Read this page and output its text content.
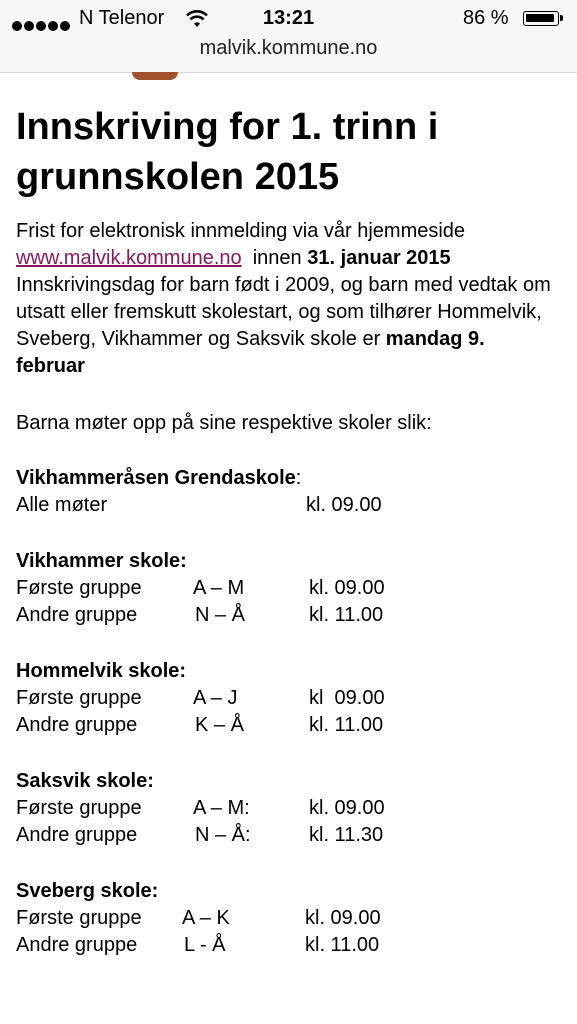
N Telenor	13:21	86 %
malvik.kommune.no
Innskriving for 1. trinn i grunnskolen 2015
Frist for elektronisk innmelding via vår hjemmeside www.malvik.kommune.no  innen 31. januar 2015 Innskrivingsdag for barn født i 2009, og barn med vedtak om utsatt eller fremskutt skolestart, og som tilhører Hommelvik, Sveberg, Vikhammer og Saksvik skole er mandag 9. februar
Barna møter opp på sine respektive skoler slik:
Vikhammeråsen Grendaskole:
Alle møter	kl. 09.00
Vikhammer skole:
Første gruppe	A – M	kl. 09.00
Andre gruppe	N – Å	kl. 11.00
Hommelvik skole:
Første gruppe	A – J	kl  09.00
Andre gruppe	K – Å	kl. 11.00
Saksvik skole:
Første gruppe	A – M:	kl. 09.00
Andre gruppe	N – Å:	kl. 11.30
Sveberg skole:
Første gruppe A – K	kl. 09.00
Andre gruppe L - Å	kl. 11.00
